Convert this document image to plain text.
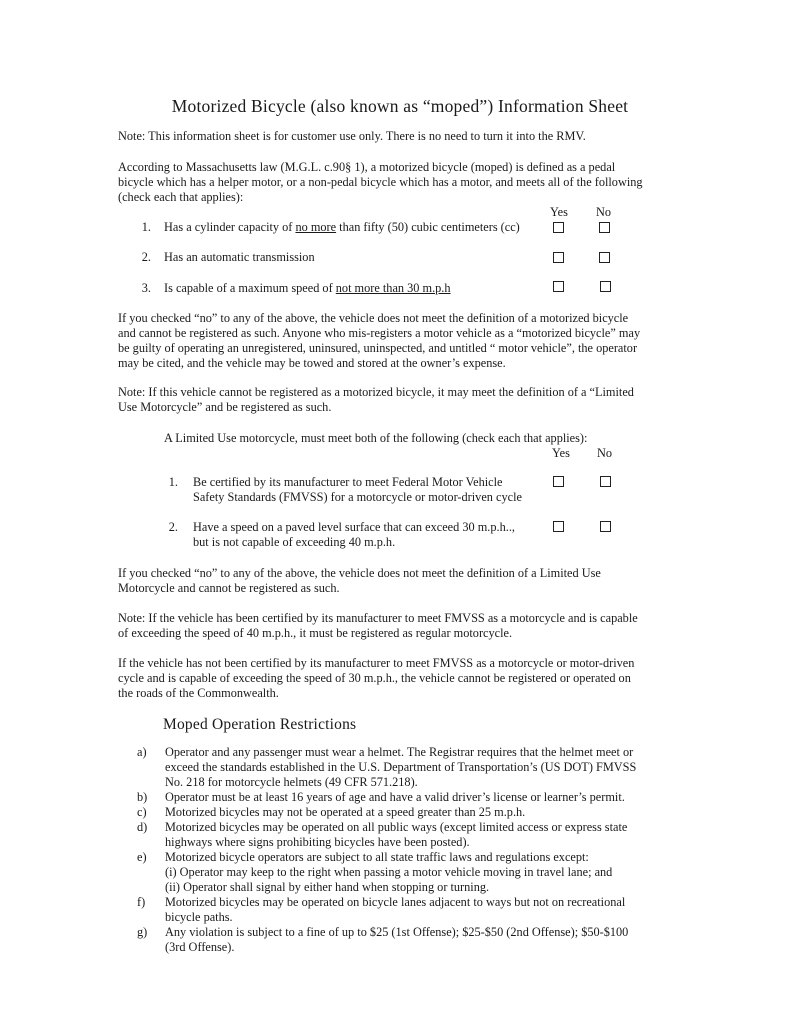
Motorized Bicycle (also known as “moped”) Information Sheet
Note: This information sheet is for customer use only. There is no need to turn it into the RMV.
According to Massachusetts law (M.G.L. c.90§ 1), a motorized bicycle (moped) is defined as a pedal
bicycle which has a helper motor, or a non-pedal bicycle which has a motor, and meets all of the following
(check each that applies):
Yes No
1. Has a cylinder capacity of no more than fifty (50) cubic centimeters (cc)
2. Has an automatic transmission
3. Is capable of a maximum speed of not more than 30 m.p.h
If you checked “no” to any of the above, the vehicle does not meet the definition of a motorized bicycle
and cannot be registered as such. Anyone who mis-registers a motor vehicle as a “motorized bicycle” may
be guilty of operating an unregistered, uninsured, uninspected, and untitled “ motor vehicle”, the operator
may be cited, and the vehicle may be towed and stored at the owner’s expense.
Note: If this vehicle cannot be registered as a motorized bicycle, it may meet the definition of a “Limited
Use Motorcycle” and be registered as such.
A Limited Use motorcycle, must meet both of the following (check each that applies):
Yes No
1. Be certified by its manufacturer to meet Federal Motor Vehicle
Safety Standards (FMVSS) for a motorcycle or motor-driven cycle
2. Have a speed on a paved level surface that can exceed 30 m.p.h..,
but is not capable of exceeding 40 m.p.h.
If you checked “no” to any of the above, the vehicle does not meet the definition of a Limited Use
Motorcycle and cannot be registered as such.
Note: If the vehicle has been certified by its manufacturer to meet FMVSS as a motorcycle and is capable
of exceeding the speed of 40 m.p.h., it must be registered as regular motorcycle.
If the vehicle has not been certified by its manufacturer to meet FMVSS as a motorcycle or motor-driven
cycle and is capable of exceeding the speed of 30 m.p.h., the vehicle cannot be registered or operated on
the roads of the Commonwealth.
Moped Operation Restrictions
a) Operator and any passenger must wear a helmet. The Registrar requires that the helmet meet or
exceed the standards established in the U.S. Department of Transportation’s (US DOT) FMVSS
No. 218 for motorcycle helmets (49 CFR 571.218).
b) Operator must be at least 16 years of age and have a valid driver’s license or learner’s permit.
c) Motorized bicycles may not be operated at a speed greater than 25 m.p.h.
d) Motorized bicycles may be operated on all public ways (except limited access or express state
highways where signs prohibiting bicycles have been posted).
e) Motorized bicycle operators are subject to all state traffic laws and regulations except:
(i) Operator may keep to the right when passing a motor vehicle moving in travel lane; and
(ii) Operator shall signal by either hand when stopping or turning.
f) Motorized bicycles may be operated on bicycle lanes adjacent to ways but not on recreational
bicycle paths.
g) Any violation is subject to a fine of up to $25 (1st Offense); $25-$50 (2nd Offense); $50-$100
(3rd Offense).
